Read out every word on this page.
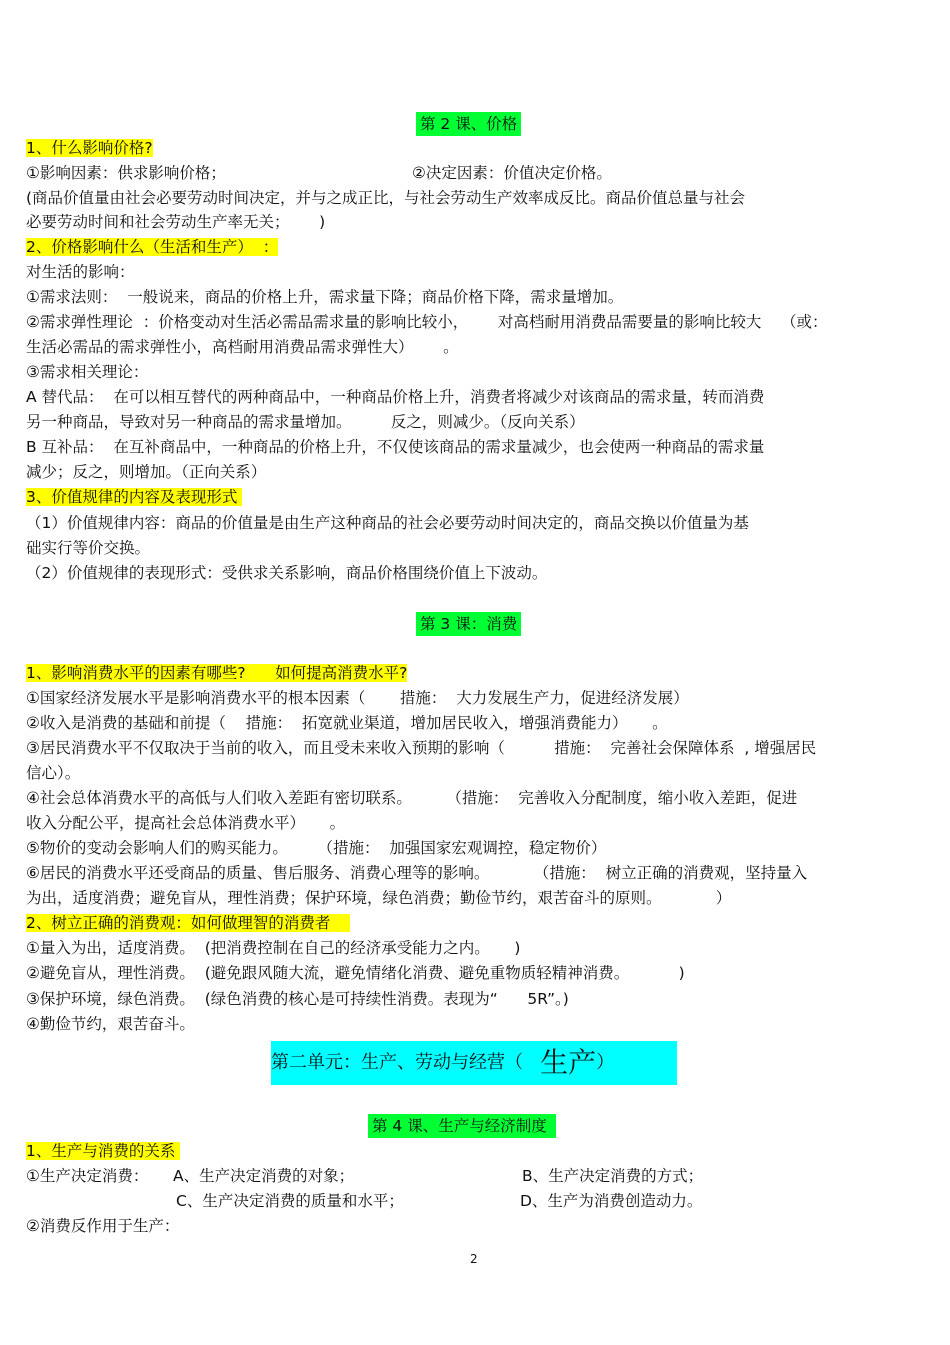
第 2 课、价格
1、什么影响价格?
①影响因素：供求影响价格；	②决定因素：价值决定价格。
(商品价值量由社会必要劳动时间决定，并与之成正比，与社会劳动生产效率成反比。商品价值总量与社会
必要劳动时间和社会劳动生产率无关；      )
2、价格影响什么（生活和生产）  ：
对生活的影响：
①需求法则：  一般说来，商品的价格上升，需求量下降；商品价格下降，需求量增加。
②需求弹性理论  ：价格变动对生活必需品需求量的影响比较小，      对高档耐用消费品需要量的影响比较大    （或：
生活必需品的需求弹性小，高档耐用消费品需求弹性大）      。
③需求相关理论：
A 替代品：  在可以相互替代的两种商品中，一种商品价格上升，消费者将减少对该商品的需求量，转而消费
另一种商品，导致对另一种商品的需求量增加。        反之，则减少。（反向关系）
B 互补品：  在互补商品中，一种商品的价格上升，不仅使该商品的需求量减少，也会使两一种商品的需求量
减少；反之，则增加。（正向关系）
3、价值规律的内容及表现形式
（1）价值规律内容：商品的价值量是由生产这种商品的社会必要劳动时间决定的，商品交换以价值量为基
础实行等价交换。
（2）价值规律的表现形式：受供求关系影响，商品价格围绕价值上下波动。
第 3 课：消费
1、影响消费水平的因素有哪些?      如何提高消费水平?
①国家经济发展水平是影响消费水平的根本因素（       措施：  大力发展生产力，促进经济发展）
②收入是消费的基础和前提（    措施：  拓宽就业渠道，增加居民收入，增强消费能力）     。
③居民消费水平不仅取决于当前的收入，而且受未来收入预期的影响（          措施：  完善社会保障体系  , 增强居民
信心）。
④社会总体消费水平的高低与人们收入差距有密切联系。       （措施：  完善收入分配制度，缩小收入差距，促进
收入分配公平，提高社会总体消费水平）     。
⑤物价的变动会影响人们的购买能力。      （措施：  加强国家宏观调控，稳定物价）
⑥居民的消费水平还受商品的质量、售后服务、消费心理等的影响。         （措施：  树立正确的消费观，坚持量入
为出，适度消费；避免盲从，理性消费；保护环境，绿色消费；勤俭节约，艰苦奋斗的原则。           ）
2、树立正确的消费观：如何做理智的消费者
①量入为出，适度消费。  (把消费控制在自己的经济承受能力之内。     )
②避免盲从，理性消费。  (避免跟风随大流，避免情绪化消费、避免重物质轻精神消费。          )
③保护环境，绿色消费。  (绿色消费的核心是可持续性消费。表现为“      5R”。)
④勤俭节约，艰苦奋斗。
第二单元：生产、劳动与经营（   生产）
第 4 课、生产与经济制度
1、生产与消费的关系
①生产决定消费：     A、生产决定消费的对象；	B、生产决定消费的方式；
C、生产决定消费的质量和水平；	D、生产为消费创造动力。
②消费反作用于生产：
2
